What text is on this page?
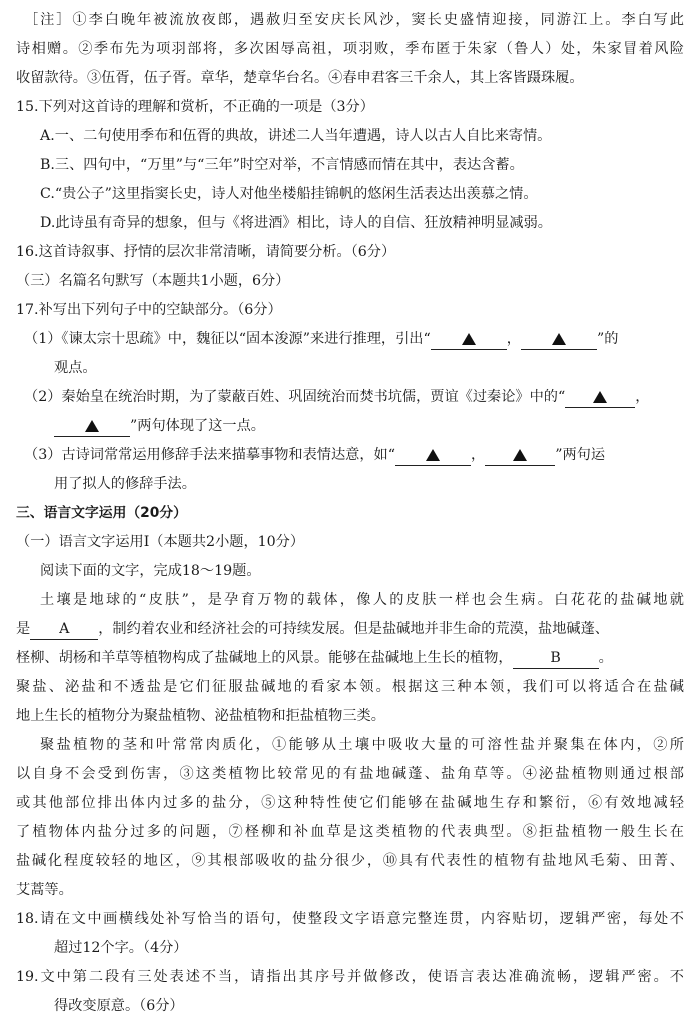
［注］①李白晚年被流放夜郎，遇赦归至安庆长风沙，窦长史盛情迎接，同游江上。李白写此
诗相赠。②季布先为项羽部将，多次困辱高祖，项羽败，季布匿于朱家（鲁人）处，朱家冒着风险
收留款待。③伍胥，伍子胥。章华，楚章华台名。④春申君客三千余人，其上客皆蹑珠履。
15.下列对这首诗的理解和赏析，不正确的一项是（3分）
A.一、二句使用季布和伍胥的典故，讲述二人当年遭遇，诗人以古人自比来寄情。
B.三、四句中，“万里”与“三年”时空对举，不言情感而情在其中，表达含蓄。
C.“贵公子”这里指窦长史，诗人对他坐楼船挂锦帆的悠闲生活表达出羡慕之情。
D.此诗虽有奇异的想象，但与《将进酒》相比，诗人的自信、狂放精神明显减弱。
16.这首诗叙事、抒情的层次非常清晰，请简要分析。（6分）
（三）名篇名句默写（本题共1小题，6分）
17.补写出下列句子中的空缺部分。（6分）
（1）《谏太宗十思疏》中，魏征以“固本浚源”来进行推理，引出“	，	”的
观点。
（2）秦始皇在统治时期，为了蒙蔽百姓、巩固统治而焚书坑儒，贾谊《过秦论》中的“	，
”两句体现了这一点。
（3）古诗词常常运用修辞手法来描摹事物和表情达意，如“	，	”两句运
用了拟人的修辞手法。
三、语言文字运用（20分）
（一）语言文字运用Ⅰ（本题共2小题，10分）
阅读下面的文字，完成18～19题。
土壤是地球的“皮肤”，是孕育万物的载体，像人的皮肤一样也会生病。白花花的盐碱地就
是 A ，制约着农业和经济社会的可持续发展。但是盐碱地并非生命的荒漠，盐地碱蓬、
柽柳、胡杨和羊草等植物构成了盐碱地上的风景。能够在盐碱地上生长的植物，	B	。
聚盐、泌盐和不透盐是它们征服盐碱地的看家本领。根据这三种本领，我们可以将适合在盐碱
地上生长的植物分为聚盐植物、泌盐植物和拒盐植物三类。
聚盐植物的茎和叶常常肉质化，①能够从土壤中吸收大量的可溶性盐并聚集在体内，②所
以自身不会受到伤害，③这类植物比较常见的有盐地碱蓬、盐角草等。④泌盐植物则通过根部
或其他部位排出体内过多的盐分，⑤这种特性使它们能够在盐碱地生存和繁衍，⑥有效地减轻
了植物体内盐分过多的问题，⑦柽柳和补血草是这类植物的代表典型。⑧拒盐植物一般生长在
盐碱化程度较轻的地区，⑨其根部吸收的盐分很少，⑩具有代表性的植物有盐地风毛菊、田菁、
艾蒿等。
18.请在文中画横线处补写恰当的语句，使整段文字语意完整连贯，内容贴切，逻辑严密，每处不
超过12个字。（4分）
19.文中第二段有三处表述不当，请指出其序号并做修改，使语言表达准确流畅，逻辑严密。不
得改变原意。（6分）
